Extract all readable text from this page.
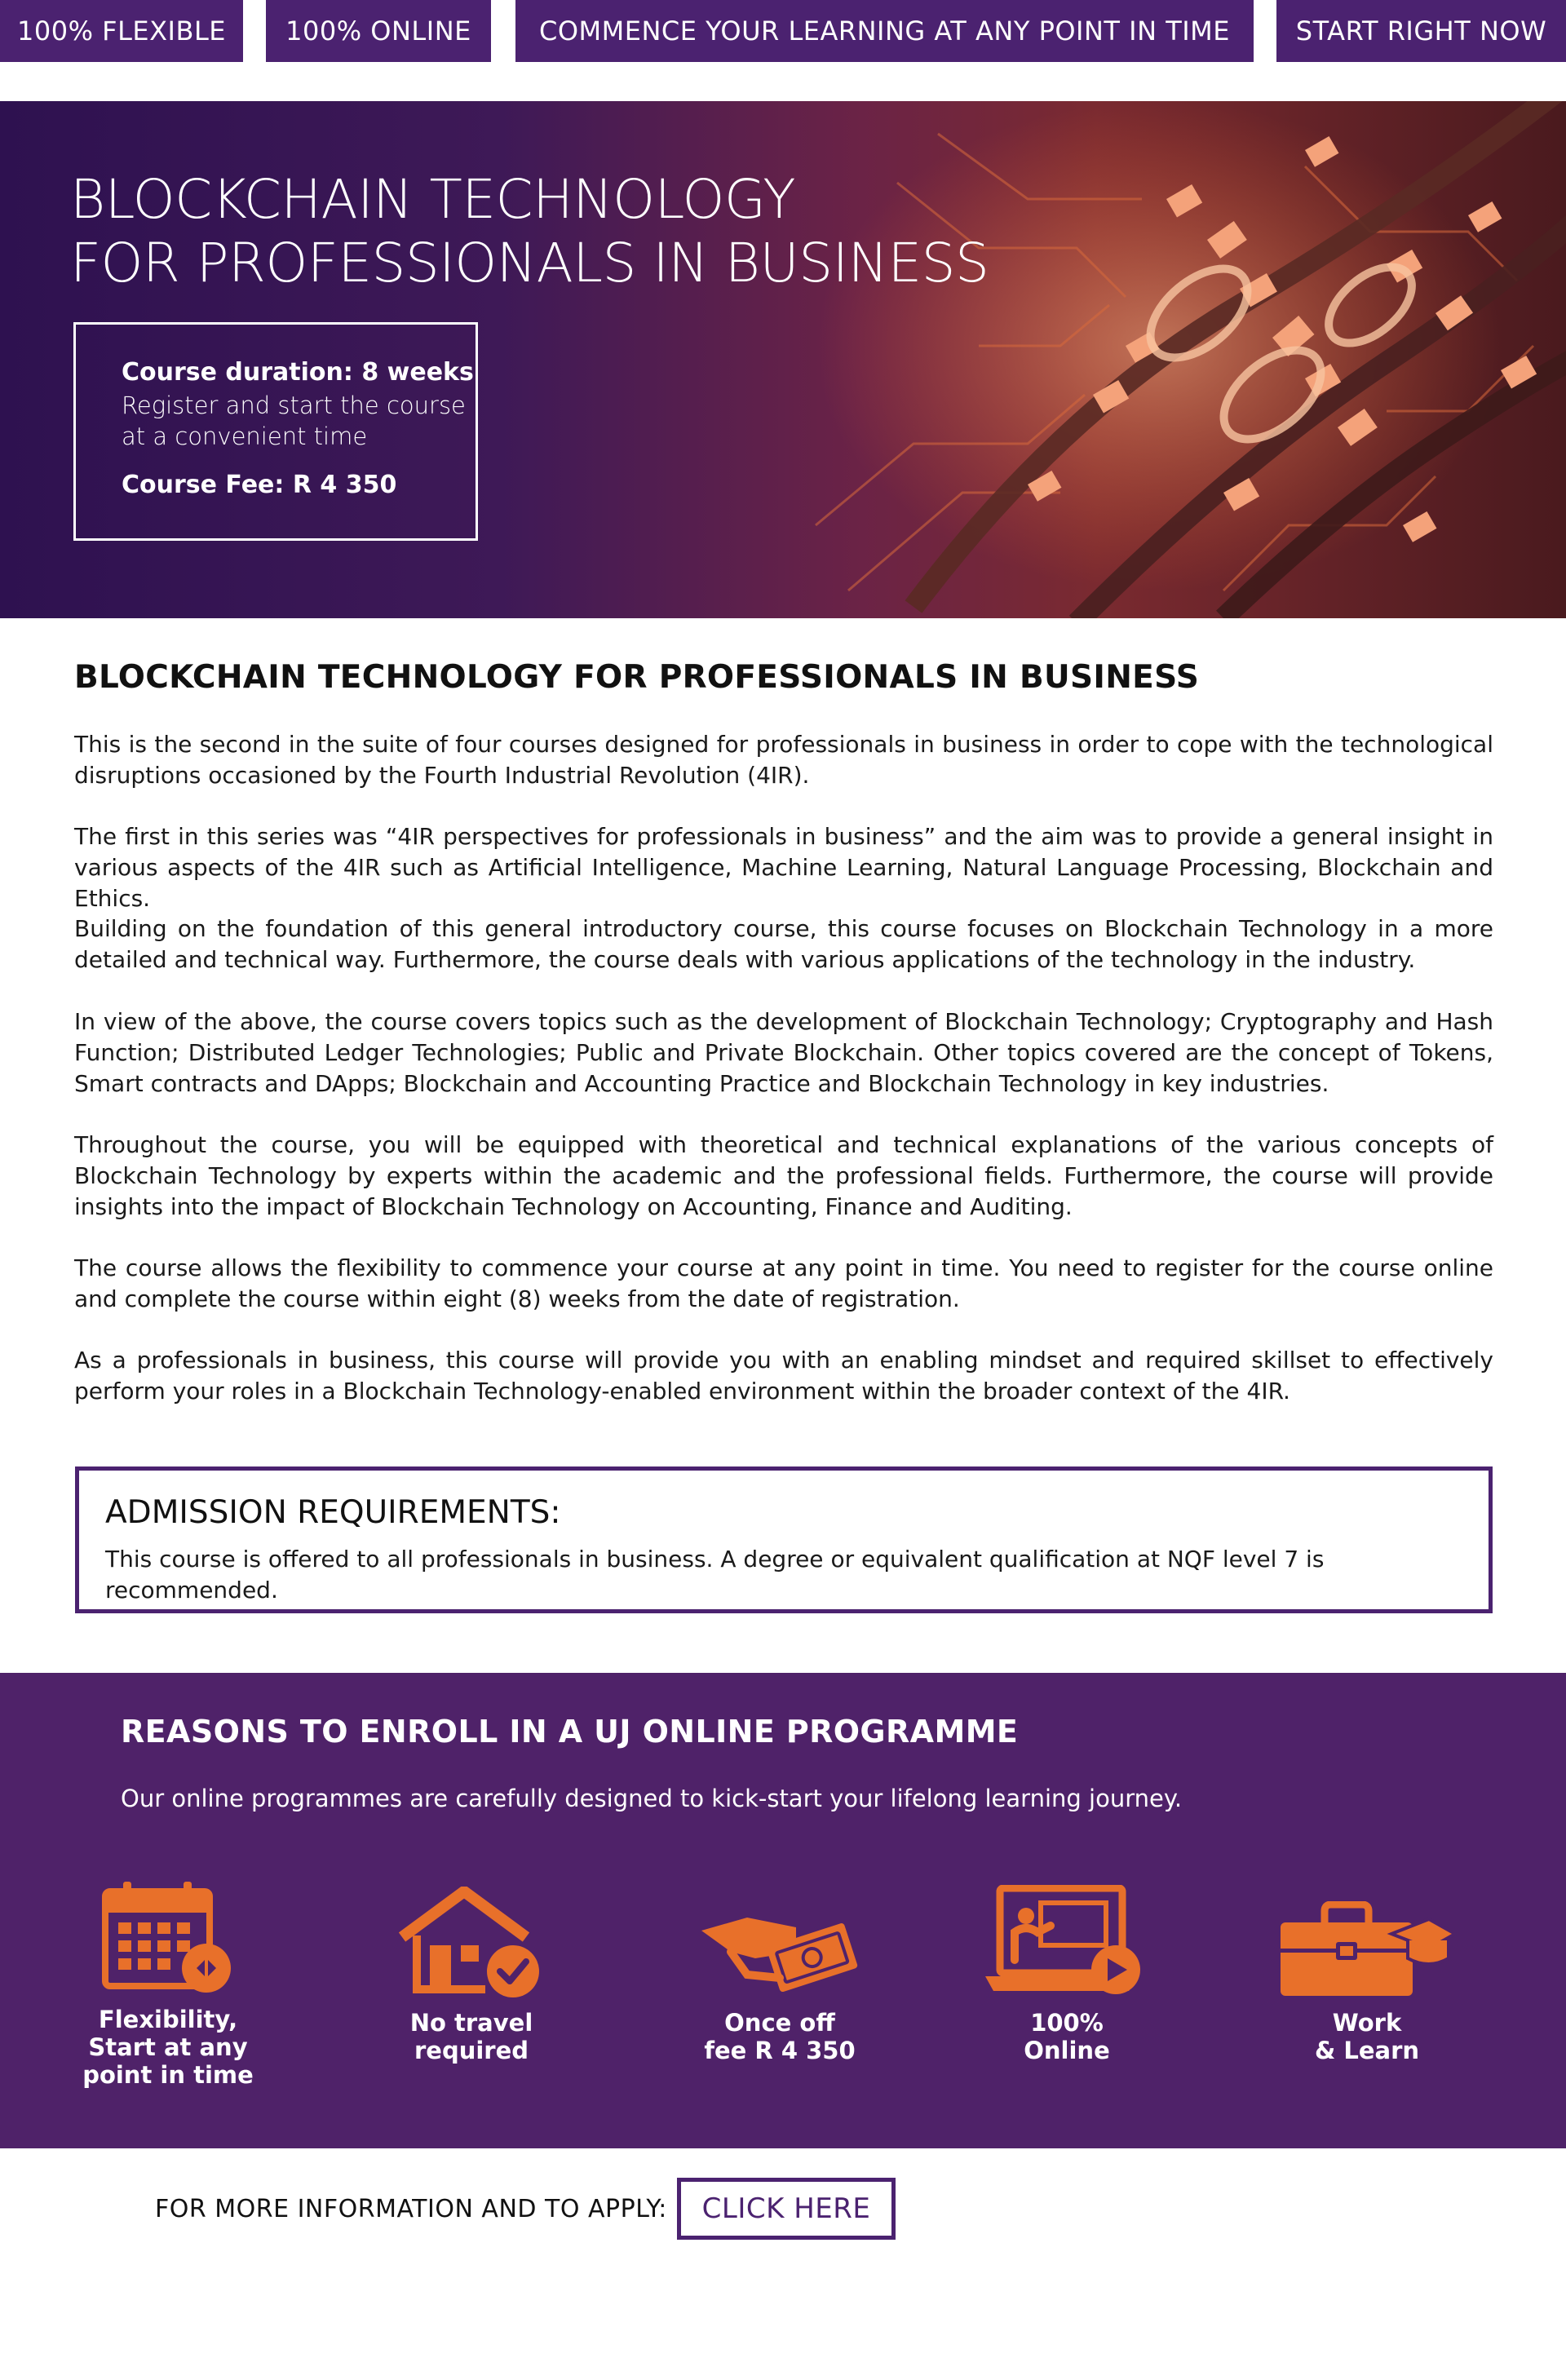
100% FLEXIBLE	100% ONLINE	COMMENCE YOUR LEARNING AT ANY POINT IN TIME	START RIGHT NOW
BLOCKCHAIN TECHNOLOGY
FOR PROFESSIONALS IN BUSINESS
Course duration: 8 weeks
Register and start the course
at a convenient time
Course Fee: R 4 350
BLOCKCHAIN TECHNOLOGY FOR PROFESSIONALS IN BUSINESS

This is the second in the suite of four courses designed for professionals in business in order to cope with the technological disruptions occasioned by the Fourth Industrial Revolution (4IR).

The first in this series was “4IR perspectives for professionals in business” and the aim was to provide a general insight in various aspects of the 4IR such as Artificial Intelligence, Machine Learning, Natural Language Processing, Blockchain and Ethics.

Building on the foundation of this general introductory course, this course focuses on Blockchain Technology in a more detailed and technical way. Furthermore, the course deals with various applications of the technology in the industry.

In view of the above, the course covers topics such as the development of Blockchain Technology; Cryptography and Hash Function; Distributed Ledger Technologies; Public and Private Blockchain. Other topics covered are the concept of Tokens, Smart contracts and DApps; Blockchain and Accounting Practice and Blockchain Technology in key industries.

Throughout the course, you will be equipped with theoretical and technical explanations of the various concepts of Blockchain Technology by experts within the academic and the professional fields. Furthermore, the course will provide insights into the impact of Blockchain Technology on Accounting, Finance and Auditing.

The course allows the flexibility to commence your course at any point in time. You need to register for the course online and complete the course within eight (8) weeks from the date of registration.

As a professionals in business, this course will provide you with an enabling mindset and required skillset to effectively perform your roles in a Blockchain Technology-enabled environment within the broader context of the 4IR.

ADMISSION REQUIREMENTS:

This course is offered to all professionals in business. A degree or equivalent qualification at NQF level 7 is recommended.

REASONS TO ENROLL IN A UJ ONLINE PROGRAMME
Our online programmes are carefully designed to kick-start your lifelong learning journey.
Flexibility,
Start at any
point in time
No travel
required
Once off
fee R 4 350
100%
Online
Work
& Learn
FOR MORE INFORMATION AND TO APPLY:	CLICK HERE
